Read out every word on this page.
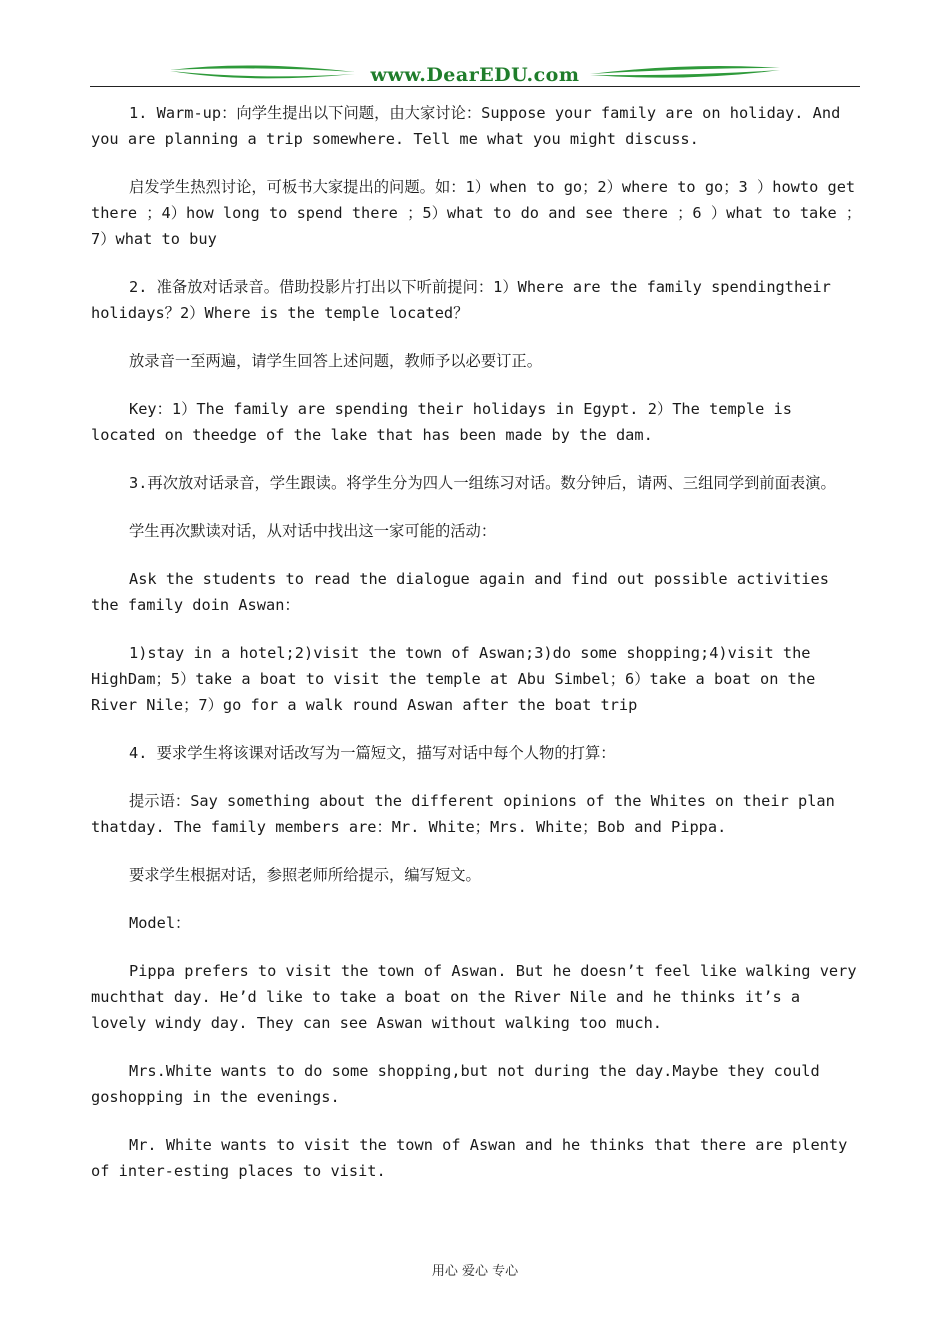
www.DearEDU.com

1. Warm-up：向学生提出以下问题，由大家讨论：Suppose your family are on holiday. And you are planning a trip somewhere. Tell me what you might discuss.

启发学生热烈讨论，可板书大家提出的问题。如：1）when to go；2）where to go；3 ）howto get there ；4）how long to spend there ；5）what to do and see there ；6 ）what to take ；7）what to buy

2. 准备放对话录音。借助投影片打出以下听前提问：1）Where are the family spendingtheir holidays？2）Where is the temple located？

放录音一至两遍，请学生回答上述问题，教师予以必要订正。

Key：1）The family are spending their holidays in Egypt. 2）The temple is located on theedge of the lake that has been made by the dam.

3.再次放对话录音，学生跟读。将学生分为四人一组练习对话。数分钟后，请两、三组同学到前面表演。

学生再次默读对话，从对话中找出这一家可能的活动：

Ask the students to read the dialogue again and find out possible activities the family doin Aswan：

1)stay in a hotel;2)visit the town of Aswan;3)do some shopping;4)visit the HighDam；5）take a boat to visit the temple at Abu Simbel；6）take a boat on the River Nile；7）go for a walk round Aswan after the boat trip

4. 要求学生将该课对话改写为一篇短文，描写对话中每个人物的打算：

提示语：Say something about the different opinions of the Whites on their plan thatday. The family members are：Mr. White；Mrs. White；Bob and Pippa.

要求学生根据对话，参照老师所给提示，编写短文。

Model：

Pippa prefers to visit the town of Aswan. But he doesn’t feel like walking very muchthat day. He’d like to take a boat on the River Nile and he thinks it’s a lovely windy day. They can see Aswan without walking too much.

Mrs.White wants to do some shopping,but not during the day.Maybe they could goshopping in the evenings.

Mr. White wants to visit the town of Aswan and he thinks that there are plenty of inter-esting places to visit.

用心 爱心 专心
